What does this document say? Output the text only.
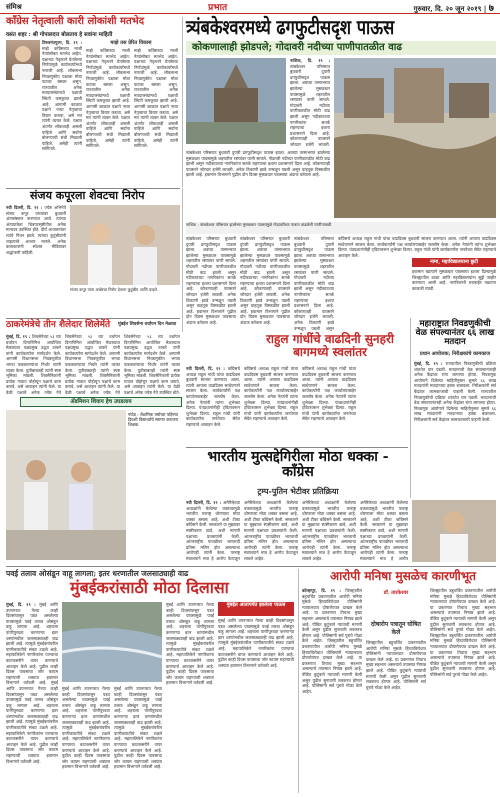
संमिश्र	प्रभात	गुरुवार, दि. २० जून २०१९ | ७
काँग्रेस नेतृत्वाली कारी लोकांशी मतभेद
वसंत शहर : श्री गोपालदत्त बोलताय हे सवांना माहिती
तिरुवनंतपुरम, दि. १९ : माझे काँग्रेसच्या माजी नेत्यांसोबत मतभेद आहेत. पक्षाच्या नेतृत्वाने घेतलेल्या निर्णयांमुळे कार्यकर्त्यांमध्ये नाराजी आहे. लोकसभा निवडणुकीत पक्षाला मोठा फटका बसला असून, राज्यातील अनेक मतदारसंघांमध्ये पक्षाची स्थिती कमकुवत झाली आहे. आगामी काळात पक्षाने नव्या नेतृत्वाचा विचार करावा, असे मत त्यांनी व्यक्त केले. पक्षात अंतर्गत लोकशाही असली पाहिजे आणि सर्वांना बोलण्याची संधी मिळाली पाहिजे, असेही त्यांनी सांगितले.
माझे तस प्रेरित विकास
माझे काँग्रेसच्या माजी नेत्यांसोबत मतभेद आहेत. पक्षाच्या नेतृत्वाने घेतलेल्या निर्णयांमुळे कार्यकर्त्यांमध्ये नाराजी आहे. लोकसभा निवडणुकीत पक्षाला मोठा फटका बसला असून, राज्यातील अनेक मतदारसंघांमध्ये पक्षाची स्थिती कमकुवत झाली आहे. आगामी काळात पक्षाने नव्या नेतृत्वाचा विचार करावा, असे मत त्यांनी व्यक्त केले. पक्षात अंतर्गत लोकशाही असली पाहिजे आणि सर्वांना बोलण्याची संधी मिळाली पाहिजे, असेही त्यांनी सांगितले.
माझे काँग्रेसच्या माजी नेत्यांसोबत मतभेद आहेत. पक्षाच्या नेतृत्वाने घेतलेल्या निर्णयांमुळे कार्यकर्त्यांमध्ये नाराजी आहे. लोकसभा निवडणुकीत पक्षाला मोठा फटका बसला असून, राज्यातील अनेक मतदारसंघांमध्ये पक्षाची स्थिती कमकुवत झाली आहे. आगामी काळात पक्षाने नव्या नेतृत्वाचा विचार करावा, असे मत त्यांनी व्यक्त केले. पक्षात अंतर्गत लोकशाही असली पाहिजे आणि सर्वांना बोलण्याची संधी मिळाली पाहिजे, असेही त्यांनी सांगितले.
त्र्यंबकेश्वरमध्ये ढगफुटीसदृश पाऊस
कोकणालाही झोडपले; गोदावरी नदीच्या पाणीपातळीत वाढ
नाशिक, दि. १९ : त्र्यंबकेश्वर परिसरात बुधवारी दुपारी ढगफुटीसदृश पाऊस झाला. अवघ्या तासाभरात झालेल्या मुसळधार पावसामुळे शहरातील रस्त्यांवर पाणी साचले. गोदावरी नदीच्या पाणीपातळीत मोठी वाढ झाली असून नदीकाठच्या नागरिकांना सतर्क राहण्याचा इशारा प्रशासनाने दिला आहे. कोकणातही पावसाने जोरदार हजेरी लावली.
त्र्यंबकेश्वर परिसरात बुधवारी दुपारी ढगफुटीसदृश पाऊस झाला. अवघ्या तासाभरात झालेल्या मुसळधार पावसामुळे शहरातील रस्त्यांवर पाणी साचले. गोदावरी नदीच्या पाणीपातळीत मोठी वाढ झाली असून नदीकाठच्या नागरिकांना सतर्क राहण्याचा इशारा प्रशासनाने दिला आहे. कोकणातही पावसाने जोरदार हजेरी लावली. अनेक ठिकाणी झाडे उन्मळून पडली असून वाहतूक विस्कळीत झाली आहे. हवामान विभागाने पुढील दोन दिवस मुसळधार पावसाचा अंदाज वर्तवला आहे.
नाशिक : त्र्यंबकेश्वर परिसरात झालेल्या मुसळधार पावसामुळे गोदावरीच्या पात्रात वाढलेली पाणीपातळी.
संजय कपूरला शेवटचा निरोप
नवी दिल्ली, दि. १९ : ज्येष्ठ अभिनेते संजय कपूर यांच्यावर बुधवारी अंत्यसंस्कार करण्यात आले. त्यांच्या अंत्ययात्रेला चित्रपटसृष्टीतील अनेक मान्यवर उपस्थित होते. दीर्घ आजारानंतर त्यांचे निधन झाले. त्यांच्या कुटुंबीयांनी चाहत्यांचे आभार मानले. अनेक कलाकारांनी सोशल मीडियावर श्रद्धांजली वाहिली.
संजय कपूर यांना अखेरचा निरोप देताना कुटुंबीय आणि चाहते.
त्र्यंबकेश्वर परिसरात बुधवारी दुपारी ढगफुटीसदृश पाऊस झाला. अवघ्या तासाभरात झालेल्या मुसळधार पावसामुळे शहरातील रस्त्यांवर पाणी साचले. गोदावरी नदीच्या पाणीपातळीत मोठी वाढ झाली असून नदीकाठच्या नागरिकांना सतर्क राहण्याचा इशारा प्रशासनाने दिला आहे. कोकणातही पावसाने जोरदार हजेरी लावली. अनेक ठिकाणी झाडे उन्मळून पडली असून वाहतूक विस्कळीत झाली आहे. हवामान विभागाने पुढील दोन दिवस मुसळधार पावसाचा अंदाज वर्तवला आहे.
त्र्यंबकेश्वर परिसरात बुधवारी दुपारी ढगफुटीसदृश पाऊस झाला. अवघ्या तासाभरात झालेल्या मुसळधार पावसामुळे शहरातील रस्त्यांवर पाणी साचले. गोदावरी नदीच्या पाणीपातळीत मोठी वाढ झाली असून नदीकाठच्या नागरिकांना सतर्क राहण्याचा इशारा प्रशासनाने दिला आहे. कोकणातही पावसाने जोरदार हजेरी लावली. अनेक ठिकाणी झाडे उन्मळून पडली असून वाहतूक विस्कळीत झाली आहे. हवामान विभागाने पुढील दोन दिवस मुसळधार पावसाचा अंदाज वर्तवला आहे.
त्र्यंबकेश्वर परिसरात बुधवारी दुपारी ढगफुटीसदृश पाऊस झाला. अवघ्या तासाभरात झालेल्या मुसळधार पावसामुळे शहरातील रस्त्यांवर पाणी साचले. गोदावरी नदीच्या पाणीपातळीत मोठी वाढ झाली असून नदीकाठच्या नागरिकांना सतर्क राहण्याचा इशारा प्रशासनाने दिला आहे. कोकणातही पावसाने जोरदार हजेरी लावली. अनेक ठिकाणी झाडे उन्मळून पडली असून
काँग्रेसचे अध्यक्ष राहुल गांधी यांचा वाढदिवस बुधवारी साजरा करण्यात आला. त्यांनी आपला वाढदिवस साधेपणाने साजरा केला. कार्यकर्त्यांनी पक्ष कार्यालयाबाहेर जल्लोष केला. अनेक नेत्यांनी त्यांना शुभेच्छा दिल्या. पंतप्रधानांनीही ट्विटरवरून शुभेच्छा दिल्या. राहुल गांधी यांनी कार्यकर्त्यांना जनतेच्या सेवेत राहण्याचे आवाहन केले.
नामा, महाविद्यालयाना छुटी
हवामान खात्याने मुसळधार पावसाचा इशारा दिल्यामुळे जिल्ह्यातील शाळा आणि महाविद्यालयांना सुट्टी जाहीर करण्यात आली आहे. नागरिकांनी घराबाहेर पडताना काळजी घ्यावी.
ठाकरेमंत्रेचे तीन शैलेदार शिलेमेंते	मुंबईत शिवसेना वर्धापन दिन मेळावा
मुंबई, दि. १९ : शिवसेनेच्या ५३ व्या वर्धापन दिनानिमित्त आयोजित मेळाव्यात पक्षप्रमुख उद्धव ठाकरे यांनी कार्यकर्त्यांना मार्गदर्शन केले. आगामी विधानसभा निवडणुकीत भगवा फडकवण्याचा निर्धार त्यांनी व्यक्त केला. युतीबाबतही त्यांनी स्पष्ट भूमिका मांडली. शिवसैनिकांनी प्रत्येक गावात पोहोचून पक्षाचे काम करावे, असे आवाहन त्यांनी केले. या वेळी पक्षाचे अनेक ज्येष्ठ नेते
शिवसेनेच्या ५३ व्या वर्धापन दिनानिमित्त आयोजित मेळाव्यात पक्षप्रमुख उद्धव ठाकरे यांनी कार्यकर्त्यांना मार्गदर्शन केले. आगामी विधानसभा निवडणुकीत भगवा फडकवण्याचा निर्धार त्यांनी व्यक्त केला. युतीबाबतही त्यांनी स्पष्ट भूमिका मांडली. शिवसैनिकांनी प्रत्येक गावात पोहोचून पक्षाचे काम करावे, असे आवाहन त्यांनी केले. या वेळी पक्षाचे अनेक ज्येष्ठ नेते
शिवसेनेच्या ५३ व्या वर्धापन दिनानिमित्त आयोजित मेळाव्यात पक्षप्रमुख उद्धव ठाकरे यांनी कार्यकर्त्यांना मार्गदर्शन केले. आगामी विधानसभा निवडणुकीत भगवा फडकवण्याचा निर्धार त्यांनी व्यक्त केला. युतीबाबतही त्यांनी स्पष्ट भूमिका मांडली. शिवसैनिकांनी प्रत्येक गावात पोहोचून पक्षाचे काम करावे, असे आवाहन त्यांनी केले. या वेळी पक्षाचे अनेक ज्येष्ठ नेते उपस्थित होते.
राहुल गांधींचे वाढदिनी सुनहरी बागमध्ये स्वलांतर
नवी दिल्ली, दि. १९ : काँग्रेसचे अध्यक्ष राहुल गांधी यांचा वाढदिवस बुधवारी साजरा करण्यात आला. त्यांनी आपला वाढदिवस साधेपणाने साजरा केला. कार्यकर्त्यांनी पक्ष कार्यालयाबाहेर जल्लोष केला. अनेक नेत्यांनी त्यांना शुभेच्छा दिल्या. पंतप्रधानांनीही ट्विटरवरून शुभेच्छा दिल्या. राहुल गांधी यांनी कार्यकर्त्यांना जनतेच्या सेवेत राहण्याचे आवाहन केले.
काँग्रेसचे अध्यक्ष राहुल गांधी यांचा वाढदिवस बुधवारी साजरा करण्यात आला. त्यांनी आपला वाढदिवस साधेपणाने साजरा केला. कार्यकर्त्यांनी पक्ष कार्यालयाबाहेर जल्लोष केला. अनेक नेत्यांनी त्यांना शुभेच्छा दिल्या. पंतप्रधानांनीही ट्विटरवरून शुभेच्छा दिल्या. राहुल गांधी यांनी कार्यकर्त्यांना जनतेच्या सेवेत राहण्याचे आवाहन केले.
काँग्रेसचे अध्यक्ष राहुल गांधी यांचा वाढदिवस बुधवारी साजरा करण्यात आला. त्यांनी आपला वाढदिवस साधेपणाने साजरा केला. कार्यकर्त्यांनी पक्ष कार्यालयाबाहेर जल्लोष केला. अनेक नेत्यांनी त्यांना शुभेच्छा दिल्या. पंतप्रधानांनीही ट्विटरवरून शुभेच्छा दिल्या. राहुल गांधी यांनी कार्यकर्त्यांना जनतेच्या सेवेत राहण्याचे आवाहन केले.
महाराष्ट्रात निवडणुकीची वेळ संपल्यानंतर ६६ लाख मतदान
प्रधान आयोजक; निरीक्षकांचे कामकाज
मुंबई, दि. १९ : राज्यातील निवडणुकीची प्रक्रिया शांततेत पार पडली. मतदानाची वेळ संपल्यानंतरही अनेक केंद्रांवर रांगा लागल्या होत्या. निवडणूक आयोगाने दिलेल्या माहितीनुसार सुमारे ६६ लाख मतदारांनी मतदानाचा हक्क बजावला. निरीक्षकांनी सर्व केंद्रांवर कामकाजाची पाहणी केली. राज्यातील निवडणुकीची प्रक्रिया शांततेत पार पडली. मतदानाची वेळ संपल्यानंतरही अनेक केंद्रांवर रांगा लागल्या होत्या. निवडणूक आयोगाने दिलेल्या माहितीनुसार सुमारे ६६ लाख मतदारांनी मतदानाचा हक्क बजावला. निरीक्षकांनी सर्व केंद्रांवर कामकाजाची पाहणी केली.
ॲडमिशन शिवाय हेच उघडलाय
नांदेड : शैक्षणिक वर्षाच्या पहिल्या दिवशी विद्यार्थ्यांचे स्वागत करताना शिक्षक.
भारतीय मुत्सद्देगिरीला मोठा धक्का - काँग्रेस
ट्रम्प-पुतिन भेटीवर प्रतिक्रिया
नवी दिल्ली, दि. १९ : अमेरिकेच्या अध्यक्षांनी केलेल्या वक्तव्यामुळे भारतीय परराष्ट्र धोरणाला मोठा धक्का बसला आहे, अशी टीका काँग्रेसने केली. सरकारने या मुद्द्यावर स्पष्टीकरण द्यावे, अशी मागणी पक्षाच्या प्रवक्त्यांनी केली. आंतरराष्ट्रीय पातळीवर भारताची प्रतिमा मलिन होत असल्याचा आरोपही त्यांनी केला. परराष्ट्र मंत्रालयाने मात्र हे आरोप फेटाळून
अमेरिकेच्या अध्यक्षांनी केलेल्या वक्तव्यामुळे भारतीय परराष्ट्र धोरणाला मोठा धक्का बसला आहे, अशी टीका काँग्रेसने केली. सरकारने या मुद्द्यावर स्पष्टीकरण द्यावे, अशी मागणी पक्षाच्या प्रवक्त्यांनी केली. आंतरराष्ट्रीय पातळीवर भारताची प्रतिमा मलिन होत असल्याचा आरोपही त्यांनी केला. परराष्ट्र मंत्रालयाने मात्र हे आरोप फेटाळून लावले आहेत.
अमेरिकेच्या अध्यक्षांनी केलेल्या वक्तव्यामुळे भारतीय परराष्ट्र धोरणाला मोठा धक्का बसला आहे, अशी टीका काँग्रेसने केली. सरकारने या मुद्द्यावर स्पष्टीकरण द्यावे, अशी मागणी पक्षाच्या प्रवक्त्यांनी केली. आंतरराष्ट्रीय पातळीवर भारताची प्रतिमा मलिन होत असल्याचा आरोपही त्यांनी केला. परराष्ट्र मंत्रालयाने मात्र हे आरोप फेटाळून लावले आहेत.
अमेरिकेच्या अध्यक्षांनी केलेल्या वक्तव्यामुळे भारतीय परराष्ट्र धोरणाला मोठा धक्का बसला आहे, अशी टीका काँग्रेसने केली. सरकारने या मुद्द्यावर स्पष्टीकरण द्यावे, अशी मागणी पक्षाच्या प्रवक्त्यांनी केली. आंतरराष्ट्रीय पातळीवर भारताची प्रतिमा मलिन होत असल्याचा आरोपही त्यांनी केला. परराष्ट्र मंत्रालयाने मात्र हे आरोप
पवई तलाव ओसंडून वाहू लागला; इतर धरणातील जलसाठ्याही वाढ
मुंबईकरांसाठी मोठा दिलासा
मुंबई, दि. १९ : मुंबई आणि उपनगरात गेल्या काही दिवसांपासून पडत असलेल्या पावसामुळे पवई तलाव ओसंडून वाहू लागला आहे. शहराला पाणीपुरवठा करणाऱ्या इतर धरणांमधील जलसाठ्यातही वाढ झाली आहे. त्यामुळे मुंबईकरांवरील पाणीकपातीचे संकट टळले आहे. महापालिकेने नागरिकांना पाण्याचा काटकसरीने वापर करण्याचे आवाहन केले आहे. पुढील काही दिवस पावसाचा जोर कायम राहण्याची शक्यता हवामान विभागाने वर्तवली आहे. मुंबई आणि उपनगरात गेल्या काही दिवसांपासून पडत असलेल्या पावसामुळे पवई तलाव ओसंडून वाहू लागला आहे. शहराला पाणीपुरवठा करणाऱ्या इतर धरणांमधील जलसाठ्यातही वाढ झाली आहे. त्यामुळे मुंबईकरांवरील पाणीकपातीचे संकट टळले आहे. महापालिकेने नागरिकांना पाण्याचा काटकसरीने वापर करण्याचे आवाहन केले आहे. पुढील काही दिवस पावसाचा जोर कायम राहण्याची शक्यता हवामान विभागाने वर्तवली आहे.
मुंबई आणि उपनगरात गेल्या काही दिवसांपासून पडत असलेल्या पावसामुळे पवई तलाव ओसंडून वाहू लागला आहे. शहराला पाणीपुरवठा करणाऱ्या इतर धरणांमधील जलसाठ्यातही वाढ झाली आहे. त्यामुळे मुंबईकरांवरील पाणीकपातीचे संकट टळले आहे. महापालिकेने नागरिकांना पाण्याचा काटकसरीने वापर करण्याचे आवाहन केले आहे. पुढील काही दिवस पावसाचा जोर कायम राहण्याची शक्यता हवामान विभागाने वर्तवली आहे.
मुंबई आणि उपनगरात गेल्या काही दिवसांपासून पडत असलेल्या पावसामुळे पवई तलाव ओसंडून वाहू लागला आहे. शहराला पाणीपुरवठा करणाऱ्या इतर धरणांमधील जलसाठ्यातही वाढ झाली आहे. त्यामुळे मुंबईकरांवरील पाणीकपातीचे संकट टळले आहे. महापालिकेने नागरिकांना पाण्याचा काटकसरीने वापर करण्याचे आवाहन केले आहे. पुढील काही दिवस पावसाचा जोर कायम राहण्याची शक्यता हवामान विभागाने वर्तवली आहे.
मुंबई आणि उपनगरात गेल्या काही दिवसांपासून पडत असलेल्या पावसामुळे पवई तलाव ओसंडून वाहू लागला आहे. शहराला पाणीपुरवठा करणाऱ्या इतर धरणांमधील जलसाठ्यातही वाढ झाली आहे. त्यामुळे मुंबईकरांवरील पाणीकपातीचे संकट टळले आहे. महापालिकेने नागरिकांना पाण्याचा काटकसरीने वापर करण्याचे आवाहन केले आहे. पुढील काही दिवस पावसाचा जोर कायम राहण्याची शक्यता हवामान विभागाने वर्तवली आहे.
मुंबईत आतापर्यंत झालेला पाऊस
मुंबई आणि उपनगरात गेल्या काही दिवसांपासून पडत असलेल्या पावसामुळे पवई तलाव ओसंडून वाहू लागला आहे. शहराला पाणीपुरवठा करणाऱ्या इतर धरणांमधील जलसाठ्यातही वाढ झाली आहे. त्यामुळे मुंबईकरांवरील पाणीकपातीचे संकट टळले आहे. महापालिकेने नागरिकांना पाण्याचा काटकसरीने वापर करण्याचे आवाहन केले आहे. पुढील काही दिवस पावसाचा जोर कायम राहण्याची शक्यता हवामान विभागाने वर्तवली आहे.
आरोपी मनिषा मुसळेच कारणीभूत
कोल्हापूर, दि. १९ : जिल्ह्यातील बहुचर्चित प्रकरणातील आरोपी मनिषा मुसळे हिच्याविरोधात पोलिसांनी न्यायालयात दोषारोपपत्र दाखल केले आहे. या प्रकरणात तिचाच मुख्य सहभाग असल्याचे तपासात निष्पन्न झाले आहे. पीडित कुटुंबाने न्यायाची मागणी केली असून पुढील सुनावणी लवकरच होणार आहे. पोलिसांनी सर्व पुरावे गोळा केले आहेत. जिल्ह्यातील बहुचर्चित प्रकरणातील आरोपी मनिषा मुसळे हिच्याविरोधात पोलिसांनी न्यायालयात दोषारोपपत्र दाखल केले आहे. या प्रकरणात तिचाच मुख्य सहभाग असल्याचे तपासात निष्पन्न झाले आहे. पीडित कुटुंबाने न्यायाची मागणी केली असून पुढील सुनावणी लवकरच होणार आहे. पोलिसांनी सर्व पुरावे गोळा केले आहेत.
डॉ. तारकेश्वर
दोषारोप पत्रातून घोषित केले
जिल्ह्यातील बहुचर्चित प्रकरणातील आरोपी मनिषा मुसळे हिच्याविरोधात पोलिसांनी न्यायालयात दोषारोपपत्र दाखल केले आहे. या प्रकरणात तिचाच मुख्य सहभाग असल्याचे तपासात निष्पन्न झाले आहे. पीडित कुटुंबाने न्यायाची मागणी केली असून पुढील सुनावणी लवकरच होणार आहे. पोलिसांनी सर्व पुरावे गोळा केले आहेत.
जिल्ह्यातील बहुचर्चित प्रकरणातील आरोपी मनिषा मुसळे हिच्याविरोधात पोलिसांनी न्यायालयात दोषारोपपत्र दाखल केले आहे. या प्रकरणात तिचाच मुख्य सहभाग असल्याचे तपासात निष्पन्न झाले आहे. पीडित कुटुंबाने न्यायाची मागणी केली असून पुढील सुनावणी लवकरच होणार आहे. पोलिसांनी सर्व पुरावे गोळा केले आहेत. जिल्ह्यातील बहुचर्चित प्रकरणातील आरोपी मनिषा मुसळे हिच्याविरोधात पोलिसांनी न्यायालयात दोषारोपपत्र दाखल केले आहे. या प्रकरणात तिचाच मुख्य सहभाग असल्याचे तपासात निष्पन्न झाले आहे. पीडित कुटुंबाने न्यायाची मागणी केली असून पुढील सुनावणी लवकरच होणार आहे. पोलिसांनी सर्व पुरावे गोळा केले आहेत.
